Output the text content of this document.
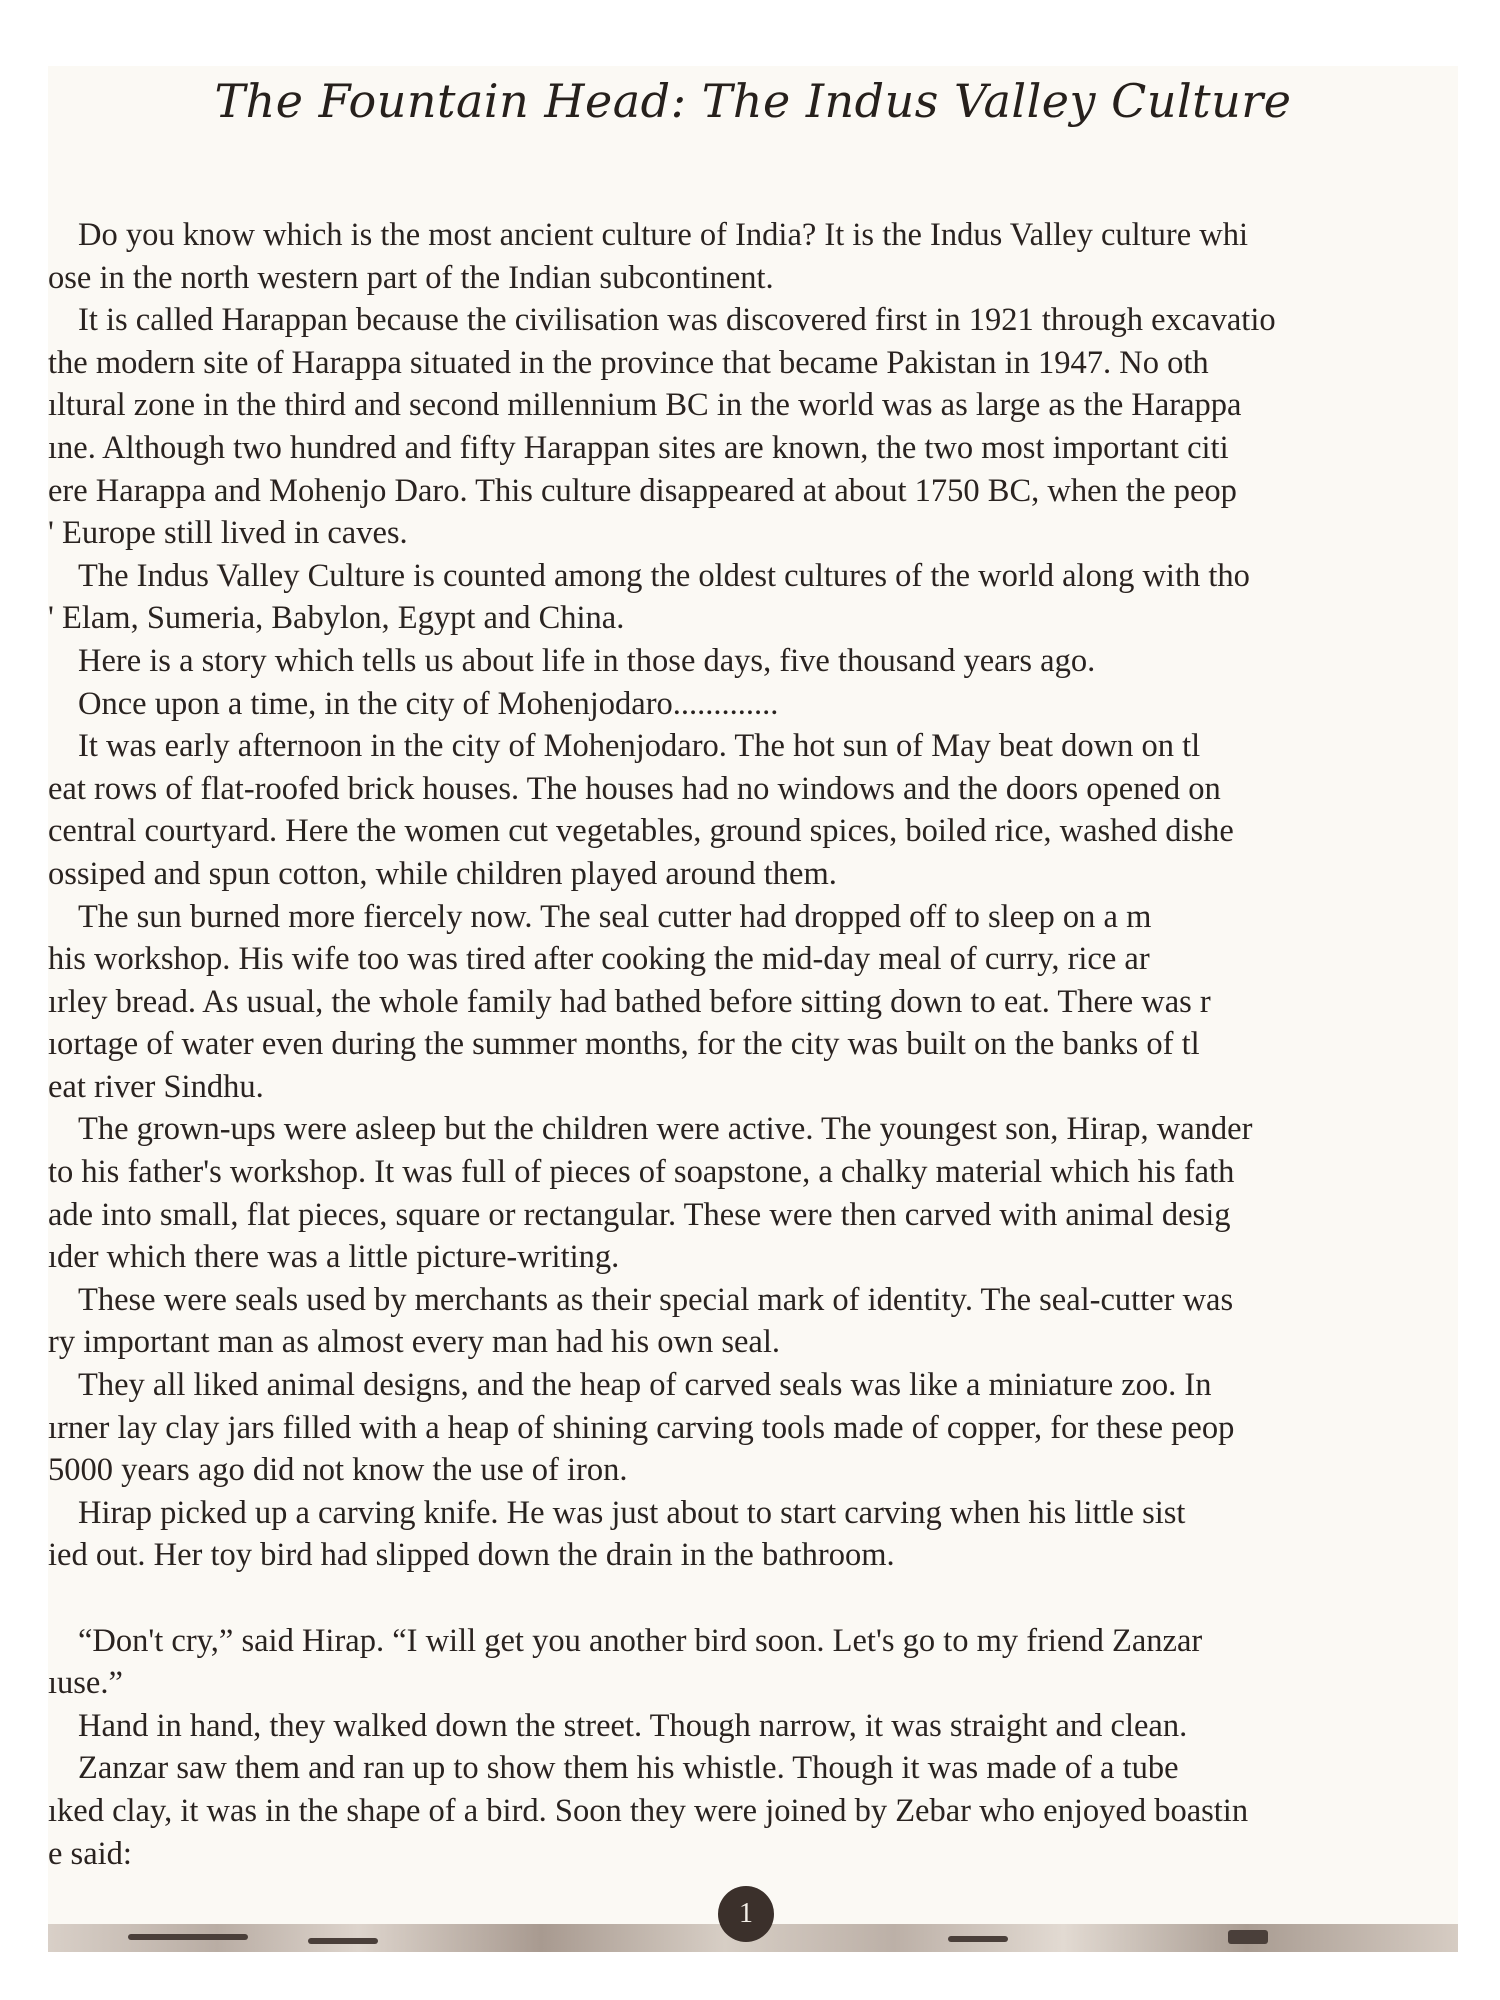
The Fountain Head: The Indus Valley Culture
Do you know which is the most ancient culture of India? It is the Indus Valley culture whi
ose in the north western part of the Indian subcontinent.
It is called Harappan because the civilisation was discovered first in 1921 through excavatio
the modern site of Harappa situated in the province that became Pakistan in 1947. No oth
ıltural zone in the third and second millennium BC in the world was as large as the Harappa
ıne. Although two hundred and fifty Harappan sites are known, the two most important citi
ere Harappa and Mohenjo Daro. This culture disappeared at about 1750 BC, when the peop
' Europe still lived in caves.
The Indus Valley Culture is counted among the oldest cultures of the world along with tho
' Elam, Sumeria, Babylon, Egypt and China.
Here is a story which tells us about life in those days, five thousand years ago.
Once upon a time, in the city of Mohenjodaro.............
It was early afternoon in the city of Mohenjodaro. The hot sun of May beat down on tl
eat rows of flat-roofed brick houses. The houses had no windows and the doors opened on
central courtyard. Here the women cut vegetables, ground spices, boiled rice, washed dishe
ossiped and spun cotton, while children played around them.
The sun burned more fiercely now. The seal cutter had dropped off to sleep on a m
his workshop. His wife too was tired after cooking the mid-day meal of curry, rice ar
ırley bread. As usual, the whole family had bathed before sitting down to eat. There was r
ıortage of water even during the summer months, for the city was built on the banks of tl
eat river Sindhu.
The grown-ups were asleep but the children were active. The youngest son, Hirap, wander
to his father's workshop. It was full of pieces of soapstone, a chalky material which his fath
ade into small, flat pieces, square or rectangular. These were then carved with animal desig
ıder which there was a little picture-writing.
These were seals used by merchants as their special mark of identity. The seal-cutter was
ry important man as almost every man had his own seal.
They all liked animal designs, and the heap of carved seals was like a miniature zoo. In
ırner lay clay jars filled with a heap of shining carving tools made of copper, for these peop
5000 years ago did not know the use of iron.
Hirap picked up a carving knife. He was just about to start carving when his little sist
ied out. Her toy bird had slipped down the drain in the bathroom.
“Don't cry,” said Hirap. “I will get you another bird soon. Let's go to my friend Zanzar
ıuse.”
Hand in hand, they walked down the street. Though narrow, it was straight and clean.
Zanzar saw them and ran up to show them his whistle. Though it was made of a tube
ıked clay, it was in the shape of a bird. Soon they were joined by Zebar who enjoyed boastin
e said:
1
